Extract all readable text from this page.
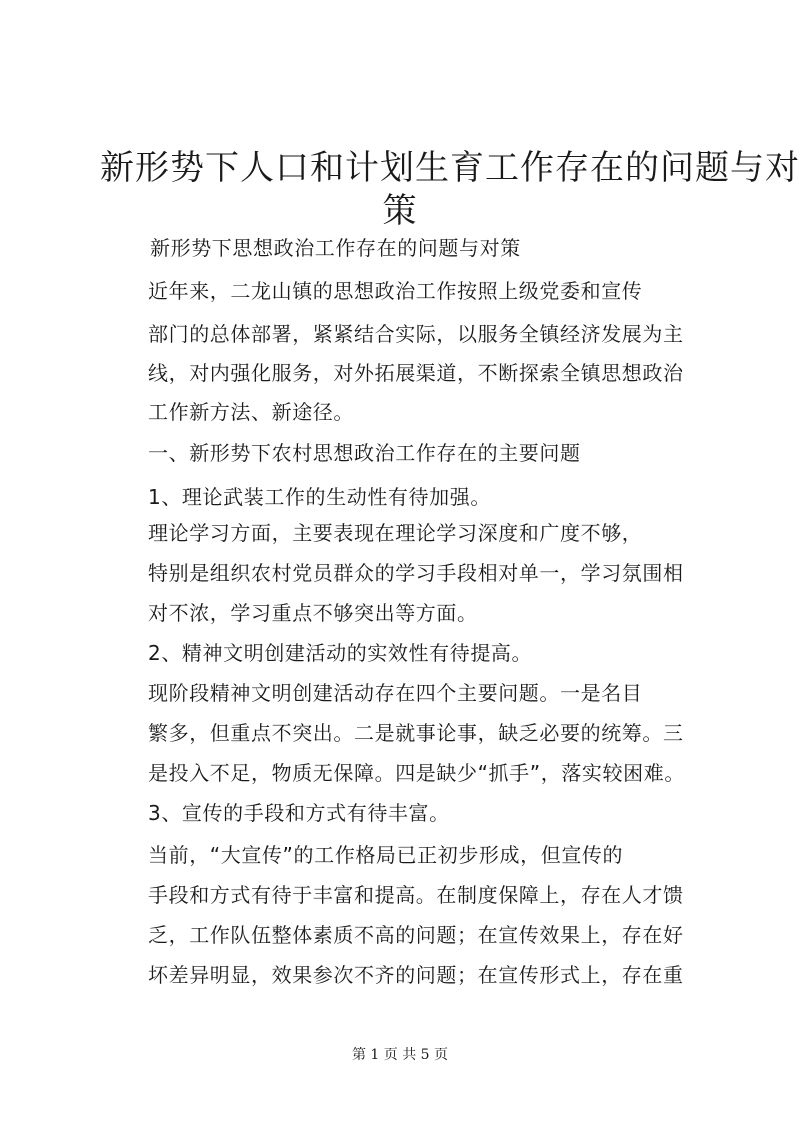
新形势下人口和计划生育工作存在的问题与对
策

新形势下思想政治工作存在的问题与对策

近年来，二龙山镇的思想政治工作按照上级党委和宣传

部门的总体部署，紧紧结合实际，以服务全镇经济发展为主

线，对内强化服务，对外拓展渠道，不断探索全镇思想政治

工作新方法、新途径。

一、新形势下农村思想政治工作存在的主要问题

1、理论武装工作的生动性有待加强。

理论学习方面，主要表现在理论学习深度和广度不够，

特别是组织农村党员群众的学习手段相对单一，学习氛围相

对不浓，学习重点不够突出等方面。

2、精神文明创建活动的实效性有待提高。

现阶段精神文明创建活动存在四个主要问题。一是名目

繁多，但重点不突出。二是就事论事，缺乏必要的统筹。三

是投入不足，物质无保障。四是缺少“抓手”，落实较困难。

3、宣传的手段和方式有待丰富。

当前，“大宣传”的工作格局已正初步形成，但宣传的

手段和方式有待于丰富和提高。在制度保障上，存在人才馈

乏，工作队伍整体素质不高的问题；在宣传效果上，存在好

坏差异明显，效果参次不齐的问题；在宣传形式上，存在重

第 1 页 共 5 页
